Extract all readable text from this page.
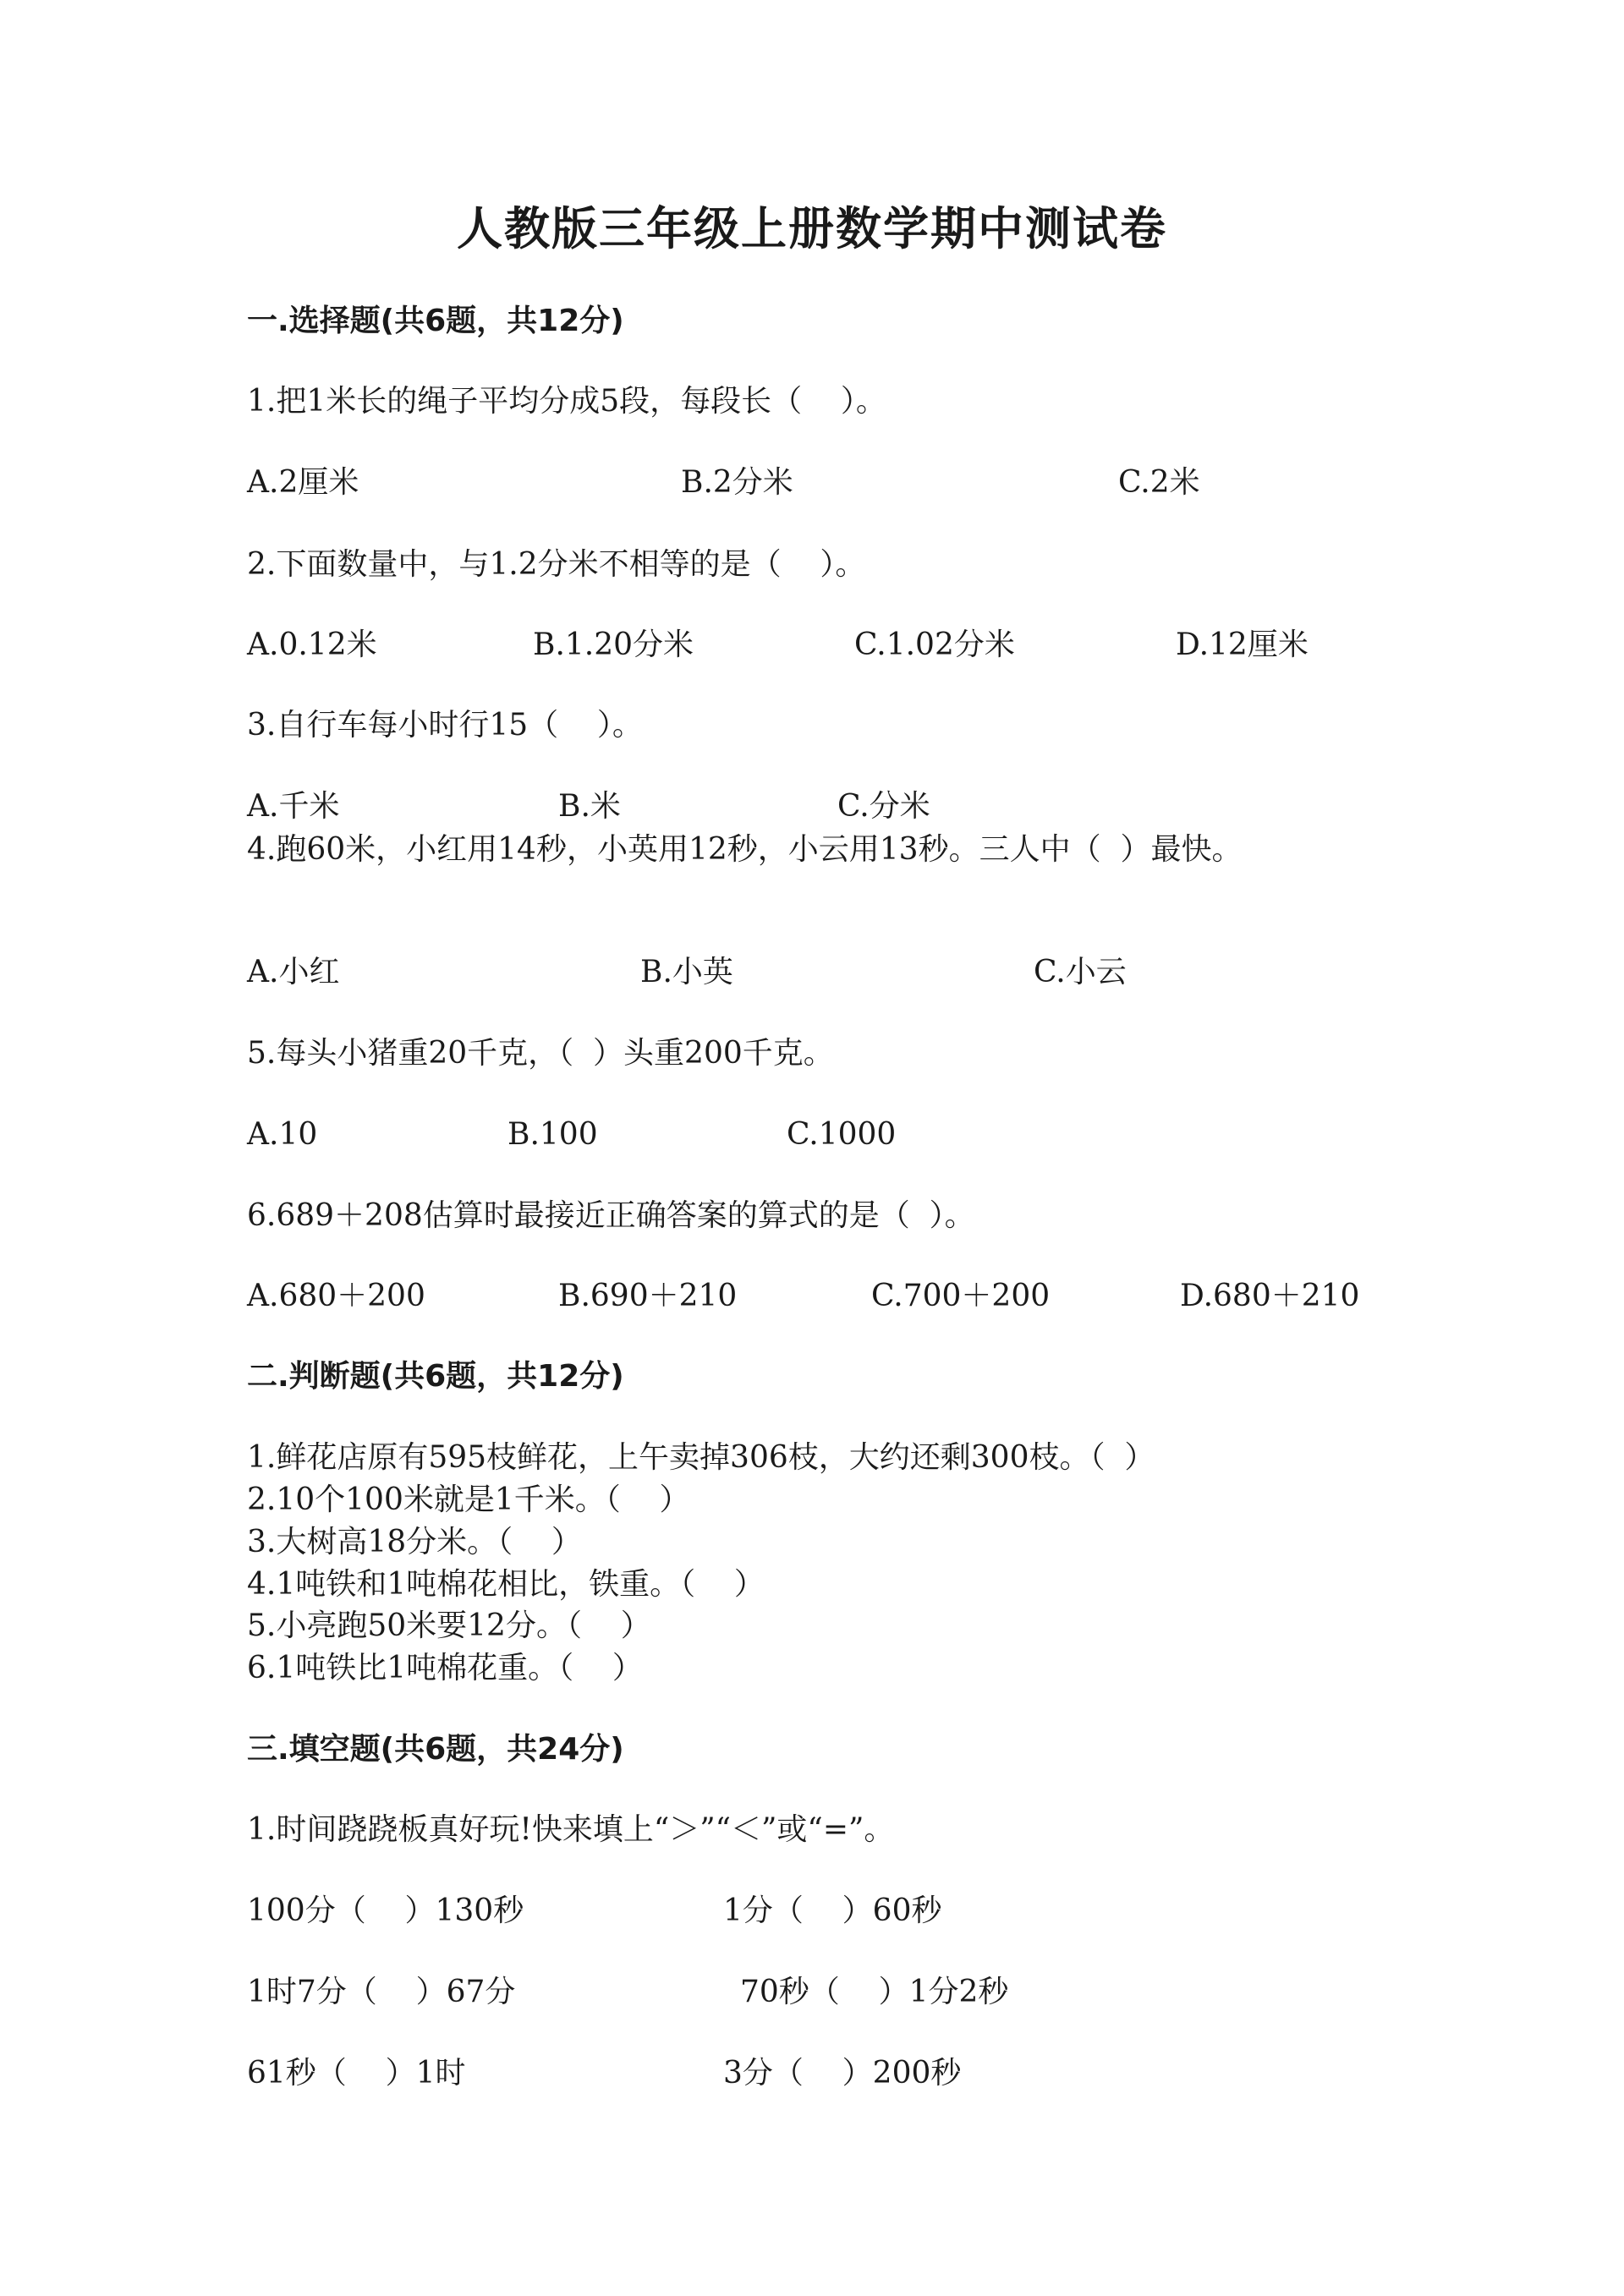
人教版三年级上册数学期中测试卷
一.选择题(共6题，共12分)
1.把1米长的绳子平均分成5段，每段长（    ）。
A.2厘米	B.2分米	C.2米
2.下面数量中，与1.2分米不相等的是（    ）。
A.0.12米	B.1.20分米	C.1.02分米	D.12厘米
3.自行车每小时行15（    ）。
A.千米	B.米	C.分米
4.跑60米，小红用14秒，小英用12秒，小云用13秒。三人中（  ）最快。
A.小红	B.小英	C.小云
5.每头小猪重20千克，（  ）头重200千克。
A.10	B.100	C.1000
6.689＋208估算时最接近正确答案的算式的是（  ）。
A.680＋200	B.690＋210	C.700＋200	D.680＋210
二.判断题(共6题，共12分)
1.鲜花店原有595枝鲜花，上午卖掉306枝，大约还剩300枝。（  ）
2.10个100米就是1千米。（    ）
3.大树高18分米。（    ）
4.1吨铁和1吨棉花相比，铁重。（    ）
5.小亮跑50米要12分。（    ）
6.1吨铁比1吨棉花重。（    ）
三.填空题(共6题，共24分)
1.时间跷跷板真好玩!快来填上“＞”“＜”或“=”。
100分（    ）130秒	1分（    ）60秒
1时7分（    ）67分	70秒（    ）1分2秒
61秒（    ）1时	3分（    ）200秒
